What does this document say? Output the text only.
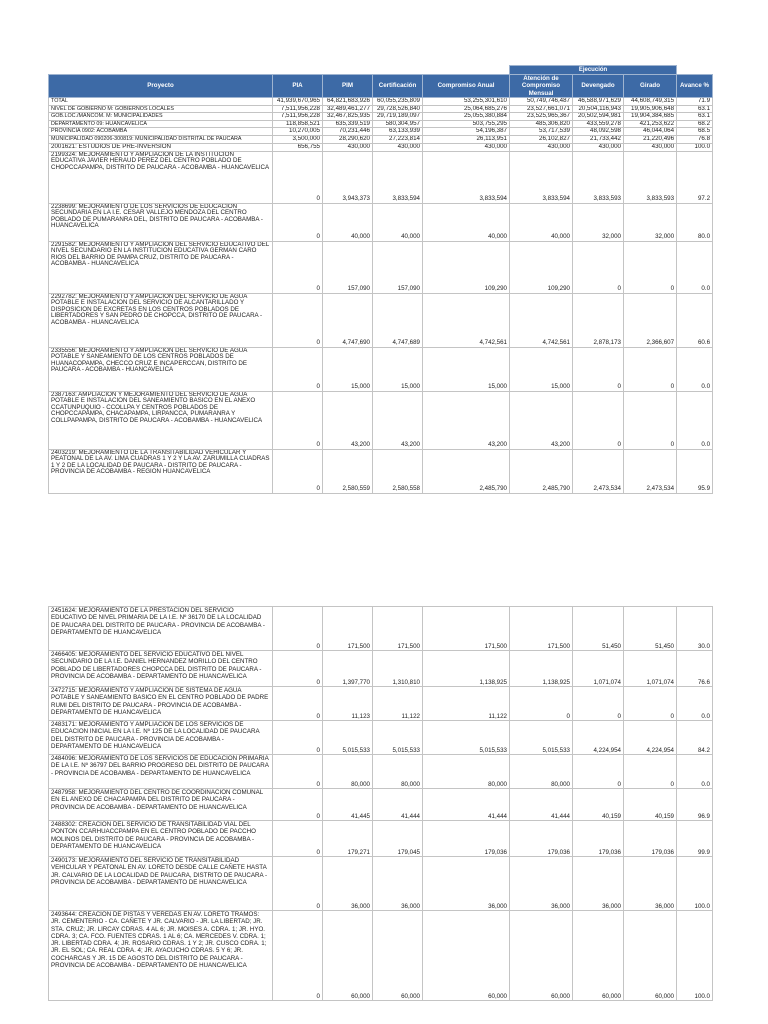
TOTAL	41,939,670,965	64,821,683,926	60,055,235,809	53,255,301,610	50,749,746,487	46,588,971,629	44,608,749,315	71.9
NIVEL DE GOBIERNO M: GOBIERNOS LOCALES	7,511,956,228	32,489,461,277	29,728,526,840	25,064,685,276	23,527,661,071	20,504,116,943	19,905,906,648	63.1
GOB.LOC./MANCOM. M: MUNICIPALIDADES	7,511,956,228	32,467,825,935	29,719,189,097	25,055,380,884	23,525,965,367	20,502,594,981	19,904,384,685	63.1
DEPARTAMENTO 09: HUANCAVELICA	118,858,521	635,339,519	580,304,957	503,755,295	485,306,820	433,559,278	421,253,622	68.2
PROVINCIA 0902: ACOBAMBA	10,270,005	70,231,446	63,133,939	54,196,387	53,717,539	48,092,598	46,044,064	68.5
MUNICIPALIDAD 090206-300819: MUNICIPALIDAD DISTRITAL DE PAUCARA	3,500,000	28,290,620	27,223,814	26,113,951	26,102,827	21,733,442	21,220,496	76.8
					Ejecución			
Proyecto	PIA	PIM	Certificación	Compromiso Anual	Atención de Compromiso Mensual	Devengado	Girado	Avance %
2001621: ESTUDIOS DE PRE-INVERSION	656,755	430,000	430,000	430,000	430,000	430,000	430,000	100.0
2199324: MEJORAMIENTO Y AMPLIACION DE LA INSTITUCION EDUCATIVA JAVIER HERAUD PEREZ DEL CENTRO POBLADO DE CHOPCCAPAMPA, DISTRITO DE PAUCARA - ACOBAMBA - HUANCAVELICA	0	3,943,373	3,833,594	3,833,594	3,833,594	3,833,593	3,833,593	97.2
2238699: MEJORAMIENTO DE LOS SERVICIOS DE EDUCACION SECUNDARIA EN LA I.E. CESAR VALLEJO MENDOZA DEL CENTRO POBLADO DE PUMARANRA DEL, DISTRITO DE PAUCARA - ACOBAMBA - HUANCAVELICA	0	40,000	40,000	40,000	40,000	32,000	32,000	80.0
2291582: MEJORAMIENTO Y AMPLIACION DEL SERVICIO EDUCATIVO DEL NIVEL SECUNDARIO EN LA INSTITUCION EDUCATIVA GERMAN CARO RIOS DEL BARRIO DE PAMPA CRUZ, DISTRITO DE PAUCARA - ACOBAMBA - HUANCAVELICA	0	157,090	157,090	109,290	109,290	0	0	0.0
2292782: MEJORAMIENTO Y AMPLIACION DEL SERVICIO DE AGUA POTABLE E INSTALACION DEL SERVICIO DE ALCANTARILLADO Y DISPOSICION DE EXCRETAS EN LOS CENTROS POBLADOS DE LIBERTADORES Y SAN PEDRO DE CHOPCCA, DISTRITO DE PAUCARA - ACOBAMBA - HUANCAVELICA	0	4,747,690	4,747,689	4,742,561	4,742,561	2,878,173	2,366,607	60.6
2335556: MEJORAMIENTO Y AMPLIACION DEL SERVICIO DE AGUA POTABLE Y SANEAMIENTO DE LOS CENTROS POBLADOS DE HUANACOPAMPA, CHECCO CRUZ E INCAPERCCAN, DISTRITO DE PAUCARA - ACOBAMBA - HUANCAVELICA	0	15,000	15,000	15,000	15,000	0	0	0.0
2387163: AMPLIACION Y MEJORAMIENTO DEL SERVICIO DE AGUA POTABLE E INSTALACION DEL SANEAMIENTO BASICO EN EL ANEXO CCATUNPUQUIO - CCOLLPA Y CENTROS POBLADOS DE CHOPCCAPAMPA, CHACAPAMPA, LIRPANCCA, PUMARANRA Y COLLPAPAMPA, DISTRITO DE PAUCARA - ACOBAMBA - HUANCAVELICA	0	43,200	43,200	43,200	43,200	0	0	0.0
2403219: MEJORAMIENTO DE LA TRANSITABILIDAD VEHICULAR Y PEATONAL DE LA AV. LIMA CUADRAS 1 Y 2 Y LA AV. ZARUMILLA CUADRAS 1 Y 2 DE LA LOCALIDAD DE PAUCARA - DISTRITO DE PAUCARA - PROVINCIA DE ACOBAMBA - REGION HUANCAVELICA	0	2,580,559	2,580,558	2,485,790	2,485,790	2,473,534	2,473,534	95.9
2451624: MEJORAMIENTO DE LA PRESTACION DEL SERVICIO EDUCATIVO DE NIVEL PRIMARIA DE LA I.E. Nº 36170 DE LA LOCALIDAD DE PAUCARA DEL DISTRITO DE PAUCARA - PROVINCIA DE ACOBAMBA - DEPARTAMENTO DE HUANCAVELICA	0	171,500	171,500	171,500	171,500	51,450	51,450	30.0
2466405: MEJORAMIENTO DEL SERVICIO EDUCATIVO DEL NIVEL SECUNDARIO DE LA I.E. DANIEL HERNANDEZ MORILLO DEL CENTRO POBLADO DE LIBERTADORES CHOPCCA DEL DISTRITO DE PAUCARA - PROVINCIA DE ACOBAMBA - DEPARTAMENTO DE HUANCAVELICA	0	1,397,770	1,310,810	1,138,925	1,138,925	1,071,074	1,071,074	76.6
2472715: MEJORAMIENTO Y AMPLIACION DE SISTEMA DE AGUA POTABLE Y SANEAMIENTO BASICO EN EL CENTRO POBLADO DE PADRE RUMI DEL DISTRITO DE PAUCARA - PROVINCIA DE ACOBAMBA - DEPARTAMENTO DE HUANCAVELICA	0	11,123	11,122	11,122	0	0	0	0.0
2483171: MEJORAMIENTO Y AMPLIACION DE LOS SERVICIOS DE EDUCACION INICIAL EN LA I.E. Nº 125 DE LA LOCALIDAD DE PAUCARA DEL DISTRITO DE PAUCARA - PROVINCIA DE ACOBAMBA - DEPARTAMENTO DE HUANCAVELICA	0	5,015,533	5,015,533	5,015,533	5,015,533	4,224,954	4,224,954	84.2
2484096: MEJORAMIENTO DE LOS SERVICIOS DE EDUCACION PRIMARIA DE LA I.E. Nº 36797 DEL BARRIO PROGRESO DEL DISTRITO DE PAUCARA - PROVINCIA DE ACOBAMBA - DEPARTAMENTO DE HUANCAVELICA	0	80,000	80,000	80,000	80,000	0	0	0.0
2487958: MEJORAMIENTO DEL CENTRO DE COORDINACION COMUNAL EN EL ANEXO DE CHACAPAMPA DEL DISTRITO DE PAUCARA - PROVINCIA DE ACOBAMBA - DEPARTAMENTO DE HUANCAVELICA	0	41,445	41,444	41,444	41,444	40,159	40,159	96.9
2488302: CREACION DEL SERVICIO DE TRANSITABILIDAD VIAL DEL PONTON CCARHUACCPAMPA EN EL CENTRO POBLADO DE PACCHO MOLINOS DEL DISTRITO DE PAUCARA - PROVINCIA DE ACOBAMBA - DEPARTAMENTO DE HUANCAVELICA	0	179,271	179,045	179,036	179,036	179,036	179,036	99.9
2490173: MEJORAMIENTO DEL SERVICIO DE TRANSITABILIDAD VEHICULAR Y PEATONAL EN AV. LORETO DESDE CALLE CAÑETE HASTA JR. CALVARIO DE LA LOCALIDAD DE PAUCARA, DISTRITO DE PAUCARA - PROVINCIA DE ACOBAMBA - DEPARTAMENTO DE HUANCAVELICA	0	36,000	36,000	36,000	36,000	36,000	36,000	100.0
2493644: CREACION DE PISTAS Y VEREDAS EN AV. LORETO TRAMOS: JR. CEMENTERIO - CA. CAÑETE Y JR. CALVARIO - JR. LA LIBERTAD; JR. STA. CRUZ; JR. LIRCAY CDRAS. 4 AL 6; JR. MOISES A. CDRA. 1; JR. HYO. CDRA. 3; CA. FCO. FUENTES CDRAS. 1 AL 6; CA. MERCEDES V. CDRA. 1; JR. LIBERTAD CDRA. 4; JR. ROSARIO CDRAS. 1 Y 2; JR. CUSCO CDRA. 1; JR. EL SOL; CA. REAL CDRA. 4; JR. AYACUCHO CDRAS. 5 Y 6; JR. COCHARCAS Y JR. 15 DE AGOSTO DEL DISTRITO DE PAUCARA - PROVINCIA DE ACOBAMBA - DEPARTAMENTO DE HUANCAVELICA	0	60,000	60,000	60,000	60,000	60,000	60,000	100.0
